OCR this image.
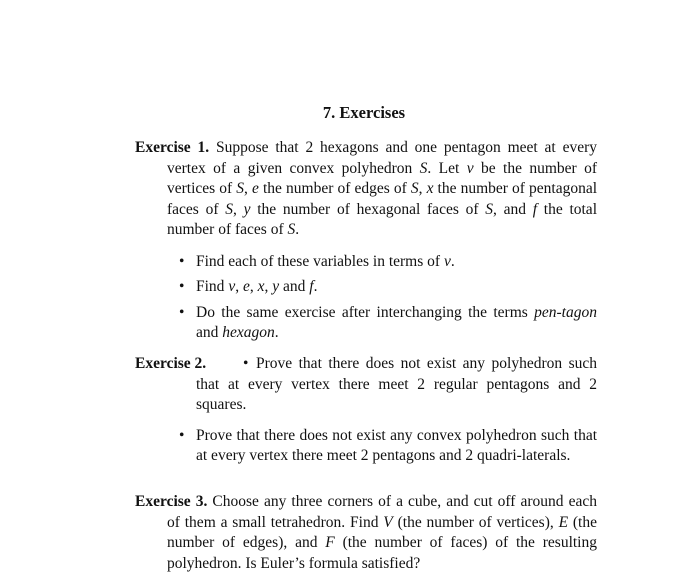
7. Exercises

Exercise 1. Suppose that 2 hexagons and one pentagon meet at every vertex of a given convex polyhedron S. Let v be the number of vertices of S, e the number of edges of S, x the number of pentagonal faces of S, y the number of hexagonal faces of S, and f the total number of faces of S.

• Find each of these variables in terms of v.
• Find v, e, x, y and f.
• Do the same exercise after interchanging the terms pen-tagon and hexagon.

Exercise 2. • Prove that there does not exist any polyhedron such that at every vertex there meet 2 regular pentagons and 2 squares.

• Prove that there does not exist any convex polyhedron such that at every vertex there meet 2 pentagons and 2 quadri-laterals.

Exercise 3. Choose any three corners of a cube, and cut off around each of them a small tetrahedron. Find V (the number of vertices), E (the number of edges), and F (the number of faces) of the resulting polyhedron. Is Euler’s formula satisfied?
